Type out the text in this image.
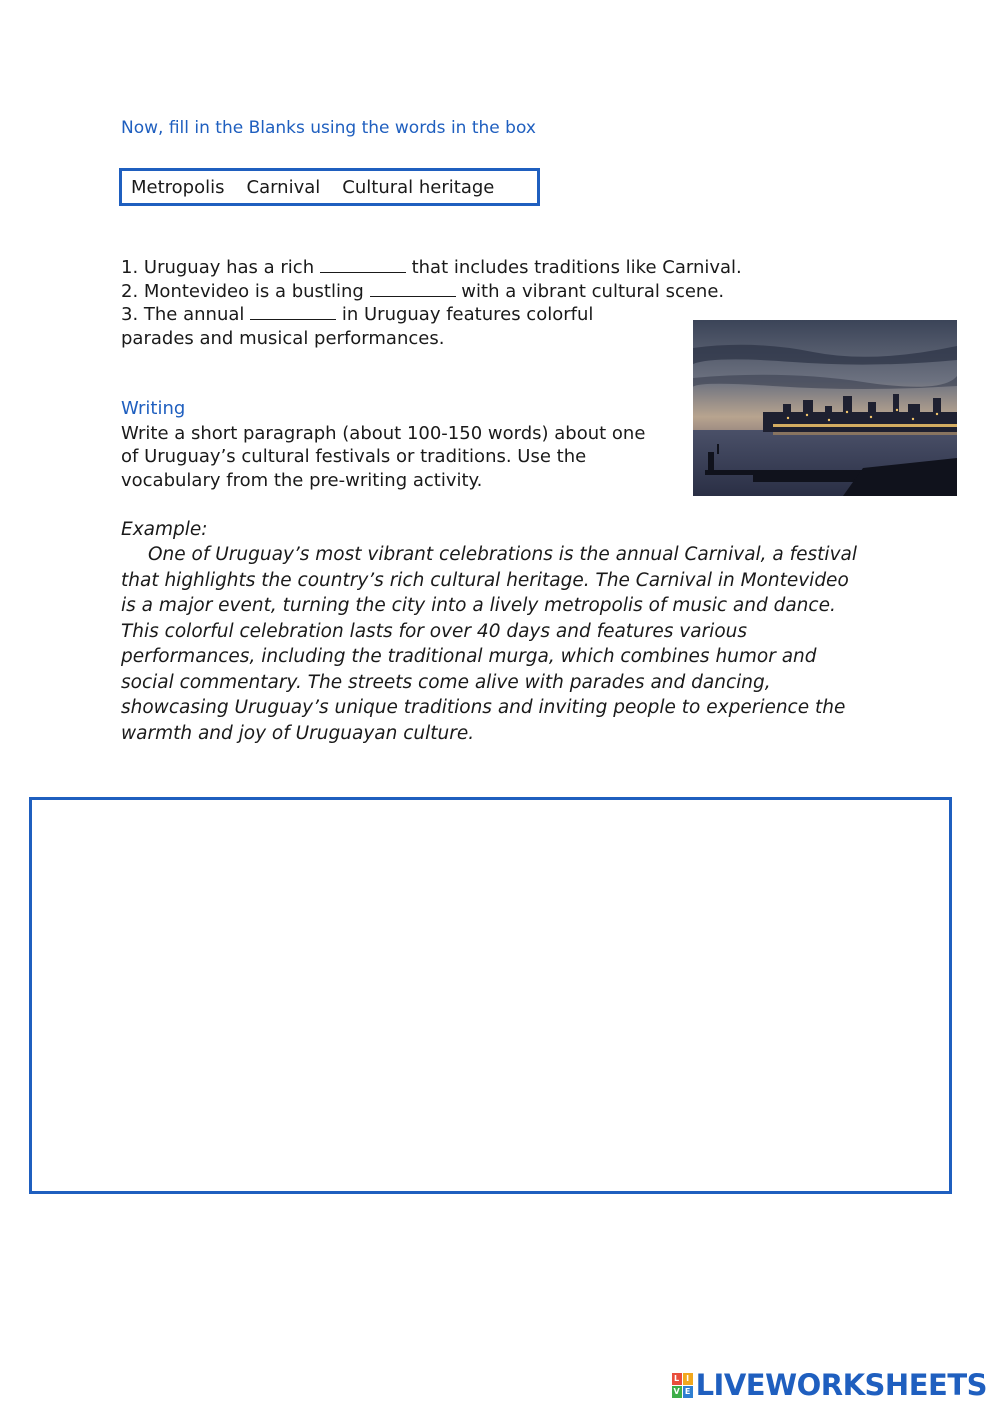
Now, fill in the Blanks using the words in the box
Metropolis Carnival Cultural heritage
1. Uruguay has a rich	that includes traditions like Carnival.
2. Montevideo is a bustling	with a vibrant cultural scene.
3. The annual	in Uruguay features colorful
parades and musical performances.
Writing
Write a short paragraph (about 100-150 words) about one
of Uruguay’s cultural festivals or traditions. Use the
vocabulary from the pre-writing activity.
Example:
One of Uruguay’s most vibrant celebrations is the annual Carnival, a festival
that highlights the country’s rich cultural heritage. The Carnival in Montevideo
is a major event, turning the city into a lively metropolis of music and dance.
This colorful celebration lasts for over 40 days and features various
performances, including the traditional murga, which combines humor and
social commentary. The streets come alive with parades and dancing,
showcasing Uruguay’s unique traditions and inviting people to experience the
warmth and joy of Uruguayan culture.
L I
V E LIVEWORKSHEETS
